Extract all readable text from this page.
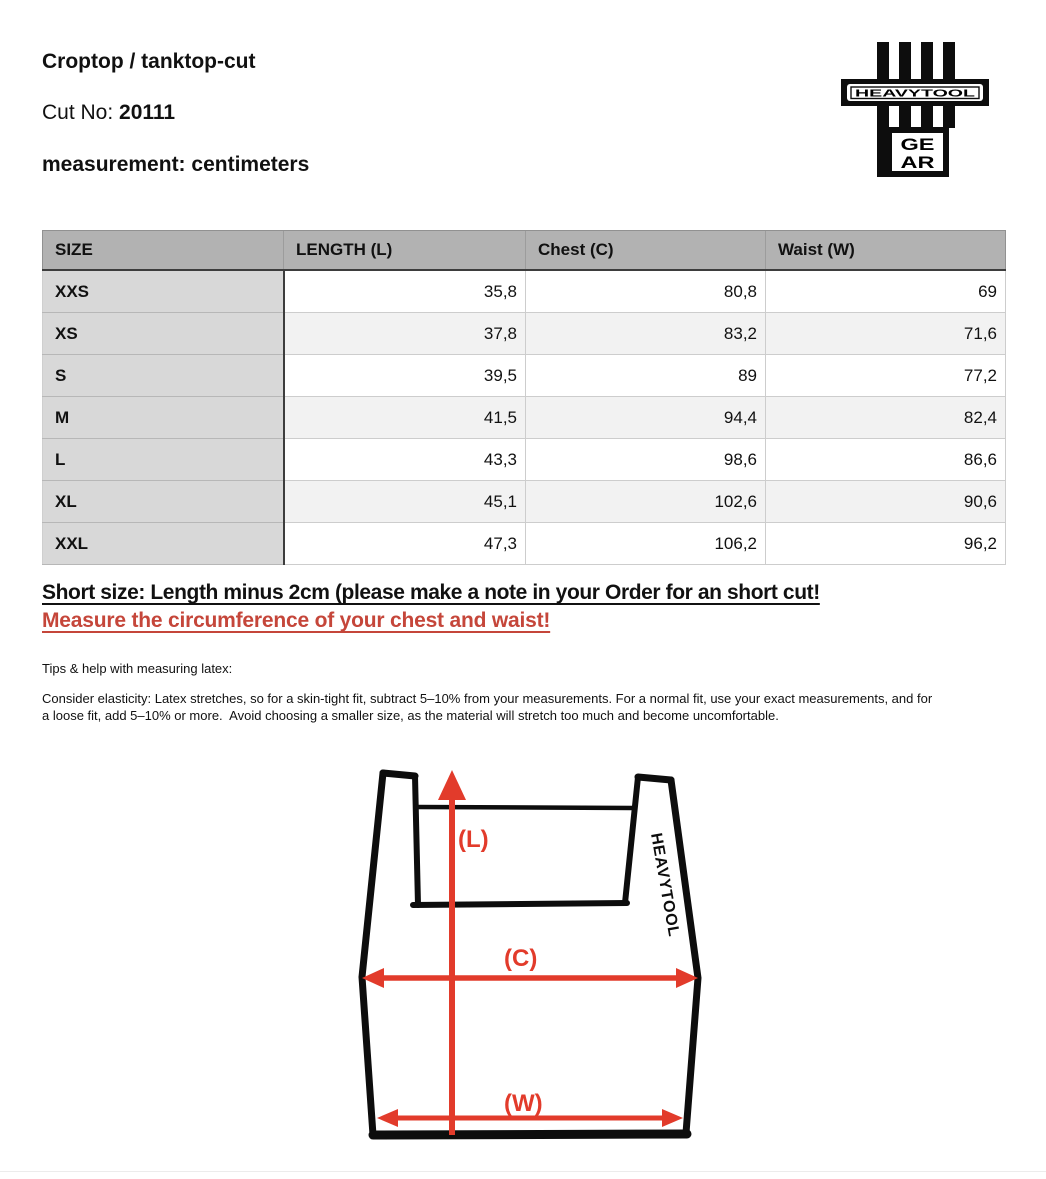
Croptop / tanktop-cut
Cut No: 20111
measurement: centimeters
HEAVYTOOL
GE
AR
SIZE	LENGTH (L)	Chest (C)	Waist (W)
XXS	35,8	80,8	69
XS	37,8	83,2	71,6
S	39,5	89	77,2
M	41,5	94,4	82,4
L	43,3	98,6	86,6
XL	45,1	102,6	90,6
XXL	47,3	106,2	96,2
Short size: Length minus 2cm (please make a note in your Order for an short cut!
Measure the circumference of your chest and waist!
Tips & help with measuring latex:
Consider elasticity: Latex stretches, so for a skin-tight fit, subtract 5–10% from your measurements. For a normal fit, use your exact measurements, and for
a loose fit, add 5–10% or more.  Avoid choosing a smaller size, as the material will stretch too much and become uncomfortable.
HEAVYTOOL
(L)
(C)
(W)
